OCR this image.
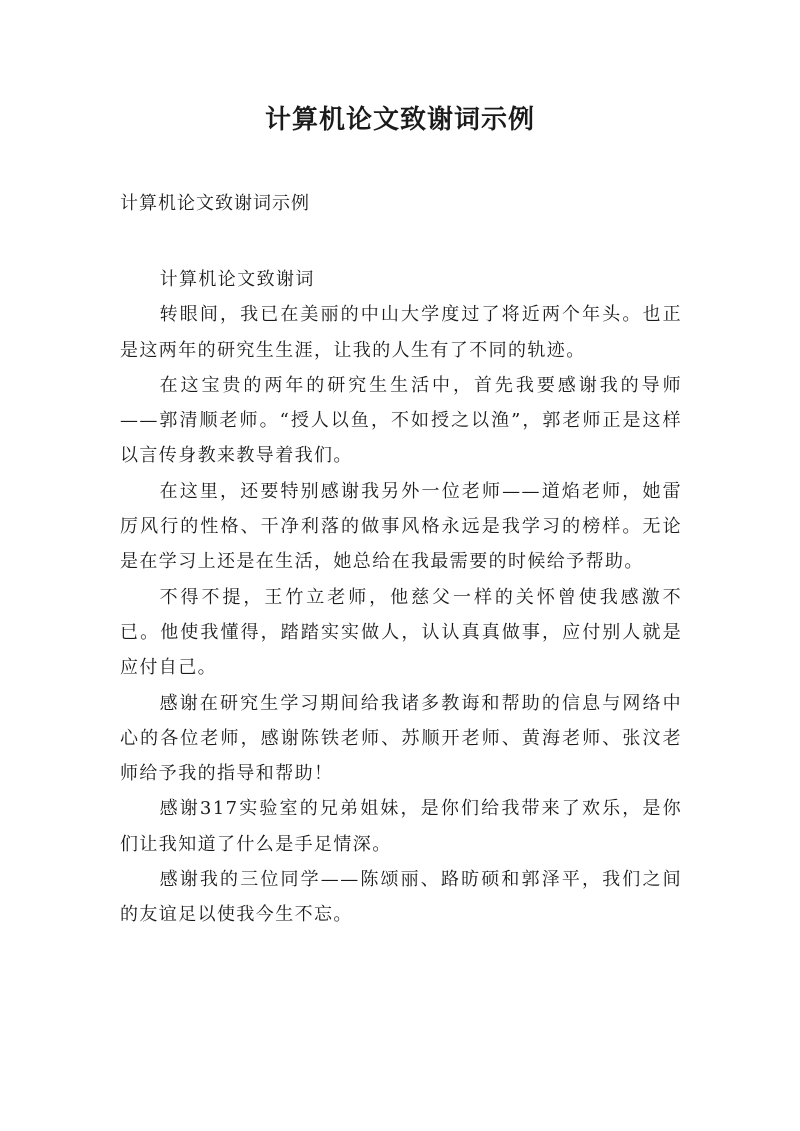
计算机论文致谢词示例
计算机论文致谢词示例

计算机论文致谢词

转眼间，我已在美丽的中山大学度过了将近两个年头。也正是这两年的研究生生涯，让我的人生有了不同的轨迹。

在这宝贵的两年的研究生生活中，首先我要感谢我的导师——郭清顺老师。“授人以鱼，不如授之以渔”，郭老师正是这样以言传身教来教导着我们。

在这里，还要特别感谢我另外一位老师——道焰老师，她雷厉风行的性格、干净利落的做事风格永远是我学习的榜样。无论是在学习上还是在生活，她总给在我最需要的时候给予帮助。

不得不提，王竹立老师，他慈父一样的关怀曾使我感激不已。他使我懂得，踏踏实实做人，认认真真做事，应付别人就是应付自己。

感谢在研究生学习期间给我诸多教诲和帮助的信息与网络中心的各位老师，感谢陈铁老师、苏顺开老师、黄海老师、张汶老师给予我的指导和帮助！

感谢317实验室的兄弟姐妹，是你们给我带来了欢乐，是你们让我知道了什么是手足情深。

感谢我的三位同学——陈颂丽、路昉硕和郭泽平，我们之间的友谊足以使我今生不忘。
